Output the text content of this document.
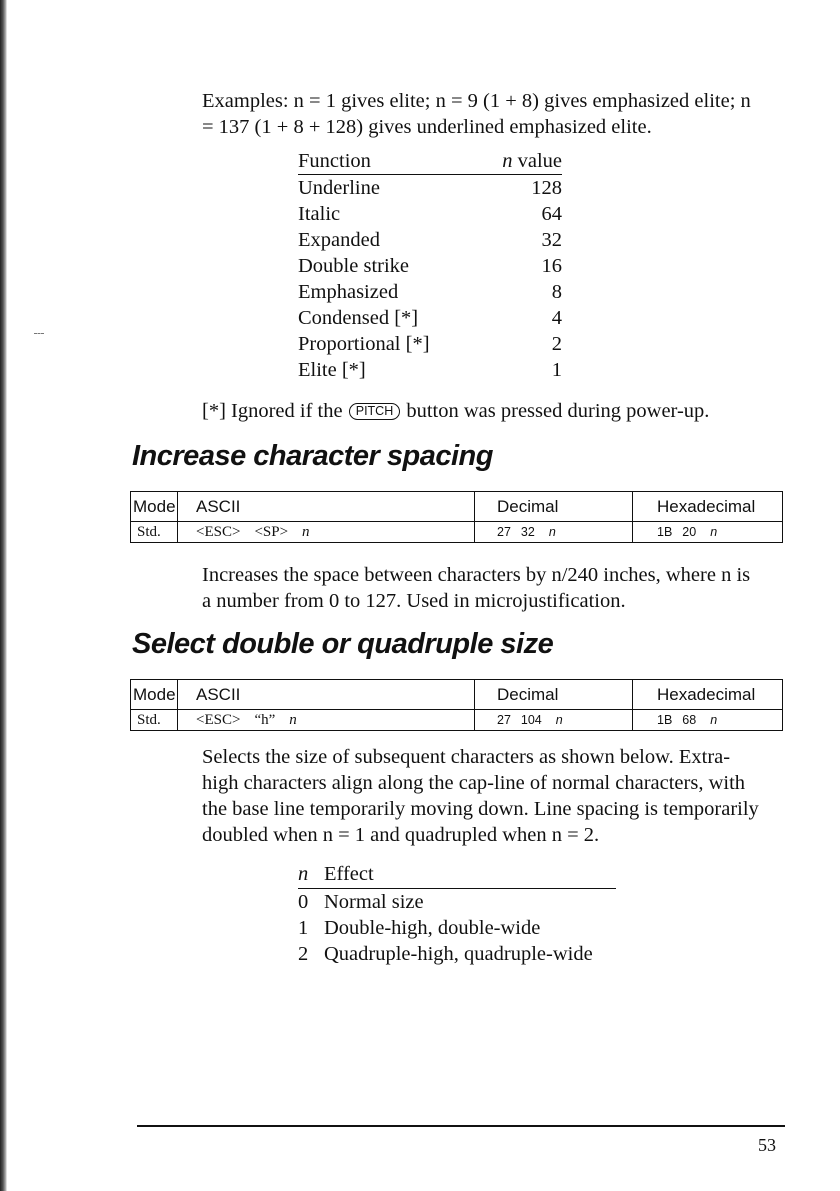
Examples: n = 1 gives elite; n = 9 (1 + 8) gives emphasized elite; n
= 137 (1 + 8 + 128) gives underlined emphasized elite.

Function	n value
Underline	128
Italic	64
Expanded	32
Double strike	16
Emphasized	8
Condensed [*]	4
Proportional [*]	2
Elite [*]	1

[*] Ignored if the PITCH button was pressed during power-up.

Increase character spacing
Mode	ASCII	Decimal	Hexadecimal
Std.	<ESC> <SP> n	27 32 n	1B 20 n

Increases the space between characters by n/240 inches, where n is
a number from 0 to 127. Used in microjustification.

Select double or quadruple size
Mode	ASCII	Decimal	Hexadecimal
Std.	<ESC> “h” n	27 104 n	1B 68 n

Selects the size of subsequent characters as shown below. Extra-
high characters align along the cap-line of normal characters, with
the base line temporarily moving down. Line spacing is temporarily
doubled when n = 1 and quadrupled when n = 2.

n	Effect
0	Normal size
1	Double-high, double-wide
2	Quadruple-high, quadruple-wide
53
